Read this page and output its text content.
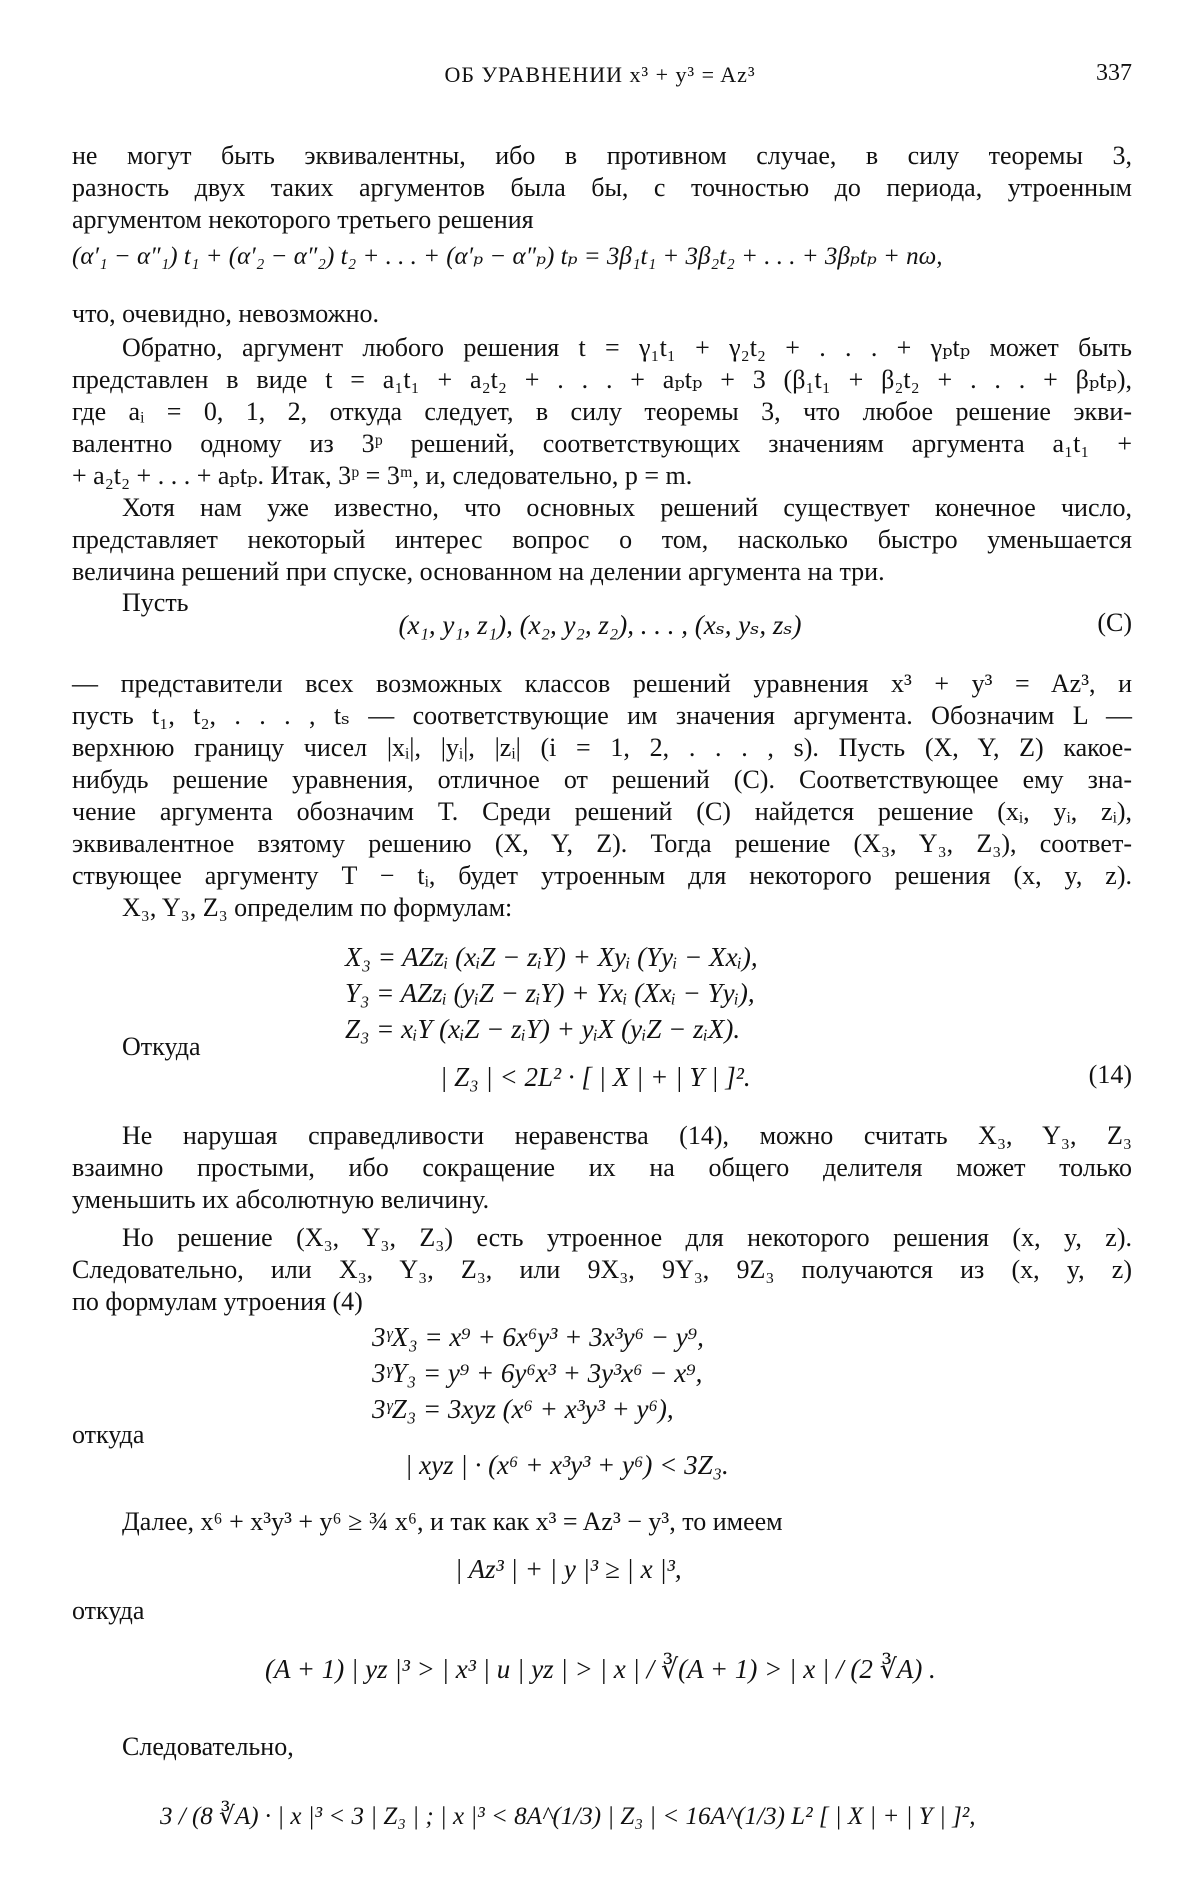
ОБ УРАВНЕНИИ x³ + y³ = Az³	337
не могут быть эквивалентны, ибо в противном случае, в силу теоремы 3,
разность двух таких аргументов была бы, с точностью до периода, утроенным
аргументом некоторого третьего решения
(α′₁ − α″₁) t₁ + (α′₂ − α″₂) t₂ + . . . + (α′ₚ − α″ₚ) tₚ = 3β₁t₁ + 3β₂t₂ + . . . + 3βₚtₚ + nω,
что, очевидно, невозможно.
Обратно, аргумент любого решения t = γ₁t₁ + γ₂t₂ + . . . + γₚtₚ может быть
представлен в виде t = a₁t₁ + a₂t₂ + . . . + aₚtₚ + 3 (β₁t₁ + β₂t₂ + . . . + βₚtₚ),
где aᵢ = 0, 1, 2, откуда следует, в силу теоремы 3, что любое решение экви-
валентно одному из 3ᵖ решений, соответствующих значениям аргумента a₁t₁ +
+ a₂t₂ + . . . + aₚtₚ. Итак, 3ᵖ = 3ᵐ, и, следовательно, p = m.
Хотя нам уже известно, что основных решений существует конечное число,
представляет некоторый интерес вопрос о том, насколько быстро уменьшается
величина решений при спуске, основанном на делении аргумента на три.
Пусть
(x₁, y₁, z₁), (x₂, y₂, z₂), . . . , (xₛ, yₛ, zₛ)	(C)
— представители всех возможных классов решений уравнения x³ + y³ = Az³, и
пусть t₁, t₂, . . . , tₛ — соответствующие им значения аргумента. Обозначим L —
верхнюю границу чисел |xᵢ|, |yᵢ|, |zᵢ| (i = 1, 2, . . . , s). Пусть (X, Y, Z) какое-
нибудь решение уравнения, отличное от решений (C). Соответствующее ему зна-
чение аргумента обозначим T. Среди решений (C) найдется решение (xᵢ, yᵢ, zᵢ),
эквивалентное взятому решению (X, Y, Z). Тогда решение (X₃, Y₃, Z₃), соответ-
ствующее аргументу T − tᵢ, будет утроенным для некоторого решения (x, y, z).
X₃, Y₃, Z₃ определим по формулам:
X₃ = AZzᵢ (xᵢZ − zᵢY) + Xyᵢ (Yyᵢ − Xxᵢ),
Y₃ = AZzᵢ (yᵢZ − zᵢY) + Yxᵢ (Xxᵢ − Yyᵢ),
Z₃ = xᵢY (xᵢZ − zᵢY) + yᵢX (yᵢZ − zᵢX).
Откуда
| Z₃ | < 2L² · [ | X | + | Y | ]².	(14)
Не нарушая справедливости неравенства (14), можно считать X₃, Y₃, Z₃
взаимно простыми, ибо сокращение их на общего делителя может только
уменьшить их абсолютную величину.
Но решение (X₃, Y₃, Z₃) есть утроенное для некоторого решения (x, y, z).
Следовательно, или X₃, Y₃, Z₃, или 9X₃, 9Y₃, 9Z₃ получаются из (x, y, z)
по формулам утроения (4)
3ᵞX₃ = x⁹ + 6x⁶y³ + 3x³y⁶ − y⁹,
3ᵞY₃ = y⁹ + 6y⁶x³ + 3y³x⁶ − x⁹,
3ᵞZ₃ = 3xyz (x⁶ + x³y³ + y⁶),
откуда
| xyz | · (x⁶ + x³y³ + y⁶) < 3Z₃.
Далее, x⁶ + x³y³ + y⁶ ≥ ¾ x⁶, и так как x³ = Az³ − y³, то имеем
| Az³ | + | y |³ ≥ | x |³,
откуда
(A + 1) | yz |³ > | x³ | и | yz | > | x | / ∛(A + 1) > | x | / (2 ∛A) .
Следовательно,
3 / (8 ∛A) · | x |³ < 3 | Z₃ | ; | x |³ < 8A^(1/3) | Z₃ | < 16A^(1/3) L² [ | X | + | Y | ]²,
